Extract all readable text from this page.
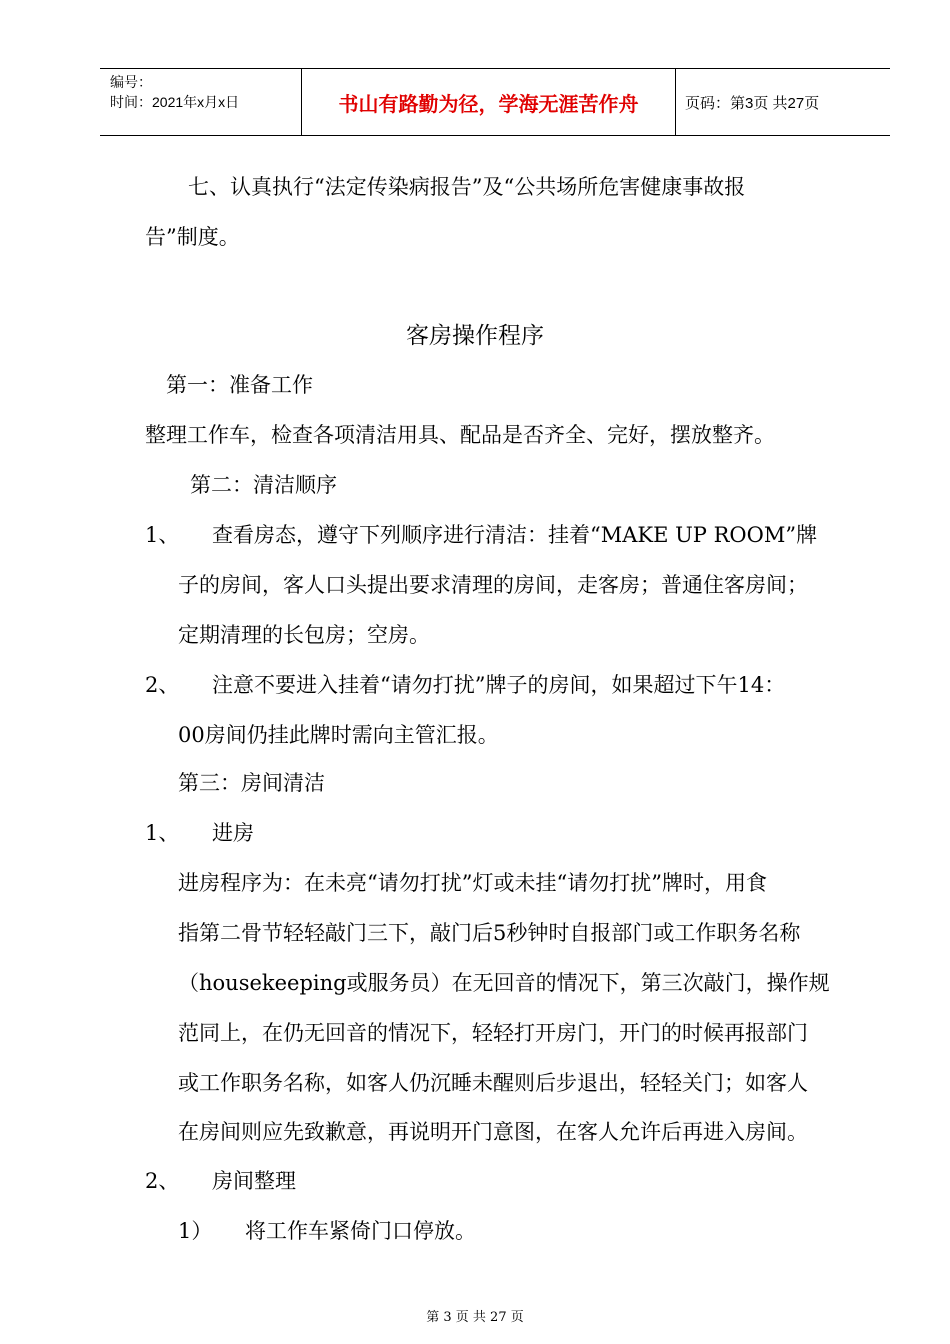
编号：
时间：2021年x月x日	书山有路勤为径，学海无涯苦作舟	页码：第3页 共27页
七、认真执行“法定传染病报告”及“公共场所危害健康事故报
告”制度。
客房操作程序
第一：准备工作
整理工作车，检查各项清洁用具、配品是否齐全、完好，摆放整齐。
第二：清洁顺序
1、 查看房态，遵守下列顺序进行清洁：挂着“MAKE UP ROOM”牌
子的房间，客人口头提出要求清理的房间，走客房；普通住客房间；
定期清理的长包房；空房。
2、 注意不要进入挂着“请勿打扰”牌子的房间，如果超过下午14：
00房间仍挂此牌时需向主管汇报。
第三：房间清洁
1、 进房
进房程序为：在未亮“请勿打扰”灯或未挂“请勿打扰”牌时，用食
指第二骨节轻轻敲门三下，敲门后5秒钟时自报部门或工作职务名称
（housekeeping或服务员）在无回音的情况下，第三次敲门，操作规
范同上，在仍无回音的情况下，轻轻打开房门，开门的时候再报部门
或工作职务名称，如客人仍沉睡未醒则后步退出，轻轻关门；如客人
在房间则应先致歉意，再说明开门意图，在客人允许后再进入房间。
2、 房间整理
1） 将工作车紧倚门口停放。
第 3 页 共 27 页
